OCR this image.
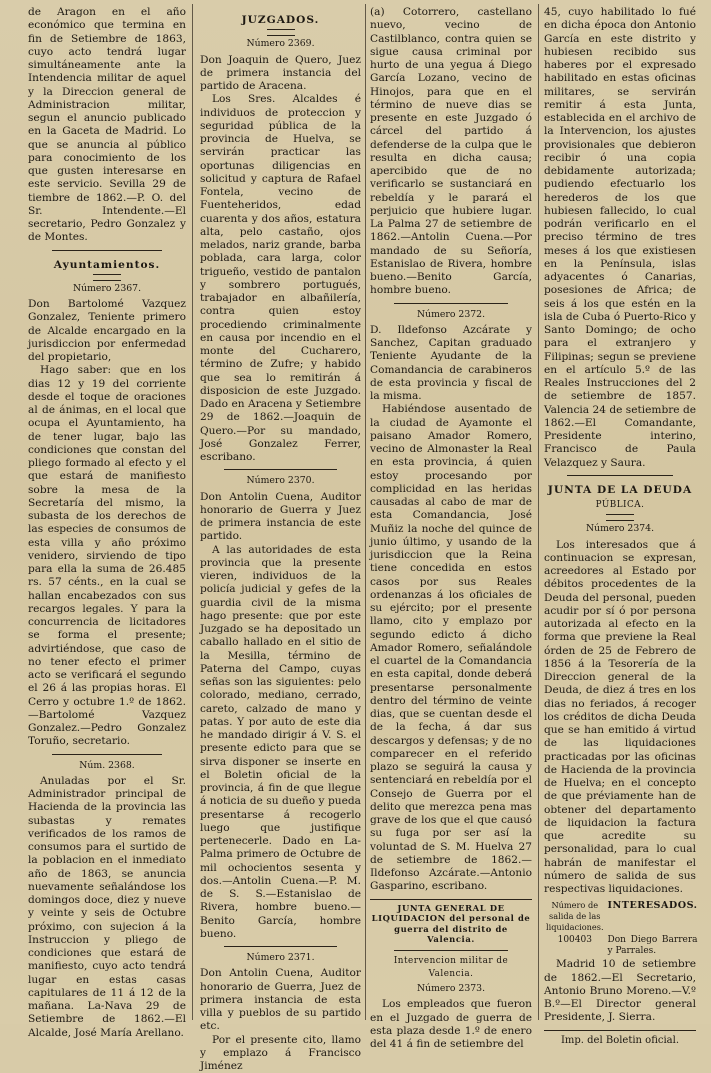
de Aragon en el año económico que termina en fin de Setiembre de 1863, cuyo acto tendrá lugar simultáneamente ante la Intendencia militar de aquel y la Direccion general de Administracion militar, segun el anuncio publicado en la Gaceta de Madrid. Lo que se anuncia al público para conocimiento de los que gusten interesarse en este servicio. Sevilla 29 de tiembre de 1862.—P. O. del Sr. Intendente.—El secretario, Pedro Gonzalez y de Montes.

Ayuntamientos.

Número 2367.

Don Bartolomé Vazquez Gonzalez, Teniente primero de Alcalde encargado en la jurisdiccion por enfermedad del propietario,

Hago saber: que en los dias 12 y 19 del corriente desde el toque de oraciones al de ánimas, en el local que ocupa el Ayuntamiento, ha de tener lugar, bajo las condiciones que constan del pliego formado al efecto y el que estará de manifiesto sobre la mesa de la Secretaría del mismo, la subasta de los derechos de las especies de consumos de esta villa y año próximo venidero, sirviendo de tipo para ella la suma de 26.485 rs. 57 cénts., en la cual se hallan encabezados con sus recargos legales. Y para la concurrencia de licitadores se forma el presente; advirtiéndose, que caso de no tener efecto el primer acto se verificará el segundo el 26 á las propias horas. El Cerro y octubre 1.º de 1862.—Bartolomé Vazquez Gonzalez.—Pedro Gonzalez Toruño, secretario.

Núm. 2368.

Anuladas por el Sr. Administrador principal de Hacienda de la provincia las subastas y remates verificados de los ramos de consumos para el surtido de la poblacion en el inmediato año de 1863, se anuncia nuevamente señalándose los domingos doce, diez y nueve y veinte y seis de Octubre próximo, con sujecion á la Instruccion y pliego de condiciones que estará de manifiesto, cuyo acto tendrá lugar en estas casas capitulares de 11 á 12 de la mañana. La-Nava 29 de Setiembre de 1862.—El Alcalde, José María Arellano.

JUZGADOS.

Número 2369.

Don Joaquin de Quero, Juez de primera instancia del partido de Aracena.

Los Sres. Alcaldes é individuos de proteccion y seguridad pública de la provincia de Huelva, se servirán practicar las oportunas diligencias en solicitud y captura de Rafael Fontela, vecino de Fuenteheridos, edad cuarenta y dos años, estatura alta, pelo castaño, ojos melados, nariz grande, barba poblada, cara larga, color trigueño, vestido de pantalon y sombrero portugués, trabajador en albañilería, contra quien estoy procediendo criminalmente en causa por incendio en el monte del Cucharero, término de Zufre; y habido que sea lo remitirán á disposicion de este Juzgado. Dado en Aracena y Setiembre 29 de 1862.—Joaquin de Quero.—Por su mandado, José Gonzalez Ferrer, escribano.

Número 2370.

Don Antolin Cuena, Auditor honorario de Guerra y Juez de primera instancia de este partido.

A las autoridades de esta provincia que la presente vieren, individuos de la policía judicial y gefes de la guardia civil de la misma hago presente: que por este Juzgado se ha depositado un caballo hallado en el sitio de la Mesilla, término de Paterna del Campo, cuyas señas son las siguientes: pelo colorado, mediano, cerrado, careto, calzado de mano y patas. Y por auto de este dia he mandado dirigir á V. S. el presente edicto para que se sirva disponer se inserte en el Boletin oficial de la provincia, á fin de que llegue á noticia de su dueño y pueda presentarse á recogerlo luego que justifique pertenecerle. Dado en La-Palma primero de Octubre de mil ochocientos sesenta y dos.—Antolin Cuena.—P. M. de S. S.—Estanislao de Rivera, hombre bueno.—Benito García, hombre bueno.

Número 2371.

Don Antolin Cuena, Auditor honorario de Guerra, Juez de primera instancia de esta villa y pueblos de su partido etc.

Por el presente cito, llamo y emplazo á Francisco Jiménez

(a) Cotorrero, castellano nuevo, vecino de Castilblanco, contra quien se sigue causa criminal por hurto de una yegua á Diego García Lozano, vecino de Hinojos, para que en el término de nueve dias se presente en este Juzgado ó cárcel del partido á defenderse de la culpa que le resulta en dicha causa; apercibido que de no verificarlo se sustanciará en rebeldía y le parará el perjuicio que hubiere lugar. La Palma 27 de setiembre de 1862.—Antolin Cuena.—Por mandado de su Señoría, Estanislao de Rivera, hombre bueno.—Benito García, hombre bueno.

Número 2372.

D. Ildefonso Azcárate y Sanchez, Capitan graduado Teniente Ayudante de la Comandancia de carabineros de esta provincia y fiscal de la misma.

Habiéndose ausentado de la ciudad de Ayamonte el paisano Amador Romero, vecino de Almonaster la Real en esta provincia, á quien estoy procesando por complicidad en las heridas causadas al cabo de mar de esta Comandancia, José Muñiz la noche del quince de junio último, y usando de la jurisdiccion que la Reina tiene concedida en estos casos por sus Reales ordenanzas á los oficiales de su ejército; por el presente llamo, cito y emplazo por segundo edicto á dicho Amador Romero, señalándole el cuartel de la Comandancia en esta capital, donde deberá presentarse personalmente dentro del término de veinte dias, que se cuentan desde el de la fecha, á dar sus descargos y defensas; y de no comparecer en el referido plazo se seguirá la causa y sentenciará en rebeldía por el Consejo de Guerra por el delito que merezca pena mas grave de los que el que causó su fuga por ser así la voluntad de S. M. Huelva 27 de setiembre de 1862.—Ildefonso Azcárate.—Antonio Gasparino, escribano.

JUNTA GENERAL DE LIQUIDACION del personal de guerra del distrito de Valencia.

Intervencion militar de Valencia.

Número 2373.

Los empleados que fueron en el Juzgado de guerra de esta plaza desde 1.º de enero del 41 á fin de setiembre del

45, cuyo habilitado lo fué en dicha época don Antonio García en este distrito y hubiesen recibido sus haberes por el expresado habilitado en estas oficinas militares, se servirán remitir á esta Junta, establecida en el archivo de la Intervencion, los ajustes provisionales que debieron recibir ó una copia debidamente autorizada; pudiendo efectuarlo los herederos de los que hubiesen fallecido, lo cual podrán verificarlo en el preciso término de tres meses á los que existiesen en la Península, islas adyacentes ó Canarias, posesiones de Africa; de seis á los que estén en la isla de Cuba ó Puerto-Rico y Santo Domingo; de ocho para el extranjero y Filipinas; segun se previene en el artículo 5.º de las Reales Instrucciones del 2 de setiembre de 1857. Valencia 24 de setiembre de 1862.—El Comandante, Presidente interino, Francisco de Paula Velazquez y Saura.

JUNTA DE LA DEUDA

PÚBLICA.

Número 2374.

Los interesados que á continuacion se expresan, acreedores al Estado por débitos procedentes de la Deuda del personal, pueden acudir por sí ó por persona autorizada al efecto en la forma que previene la Real órden de 25 de Febrero de 1856 á la Tesorería de la Direccion general de la Deuda, de diez á tres en los dias no feriados, á recoger los créditos de dicha Deuda que se han emitido á virtud de las liquidaciones practicadas por las oficinas de Hacienda de la provincia de Huelva; en el concepto de que préviamente han de obtener del departamento de liquidacion la factura que acredite su personalidad, para lo cual habrán de manifestar el número de salida de sus respectivas liquidaciones.

Número de salida de las liquidaciones.	INTERESADOS.
100403	Don Diego Barrera y Parrales.

Madrid 10 de setiembre de 1862.—El Secretario, Antonio Bruno Moreno.—V.º B.º—El Director general Presidente, J. Sierra.

Imp. del Boletin oficial.
